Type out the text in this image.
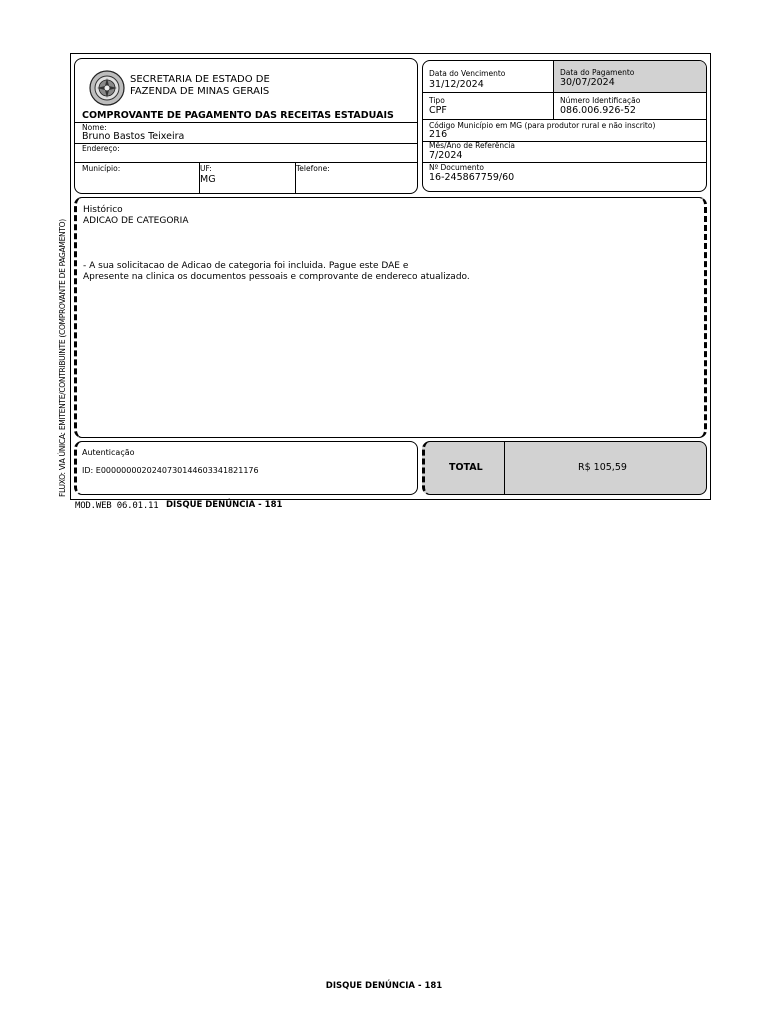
FLUXO: VIA ÚNICA: EMITENTE/CONTRIBUINTE (COMPROVANTE DE PAGAMENTO)
SECRETARIA DE ESTADO DE
FAZENDA DE MINAS GERAIS
COMPROVANTE DE PAGAMENTO DAS RECEITAS ESTADUAIS
Nome:
Bruno Bastos Teixeira
Endereço:
Município:	UF:
MG
Telefone:
Data do Vencimento
31/12/2024
Data do Pagamento
30/07/2024
Tipo
CPF
Número Identificação
086.006.926-52
Código Município em MG (para produtor rural e não inscrito)
216
Mês/Ano de Referência
7/2024
Nº Documento
16-245867759/60
Histórico
ADICAO DE CATEGORIA
- A sua solicitacao de Adicao de categoria foi incluida. Pague este DAE e
Apresente na clinica os documentos pessoais e comprovante de endereco atualizado.
Autenticação
ID: E00000000202407301446033418​21176	TOTAL	R$ 105,59
MOD.WEB 06.01.11 DISQUE DENÚNCIA - 181
DISQUE DENÚNCIA - 181
